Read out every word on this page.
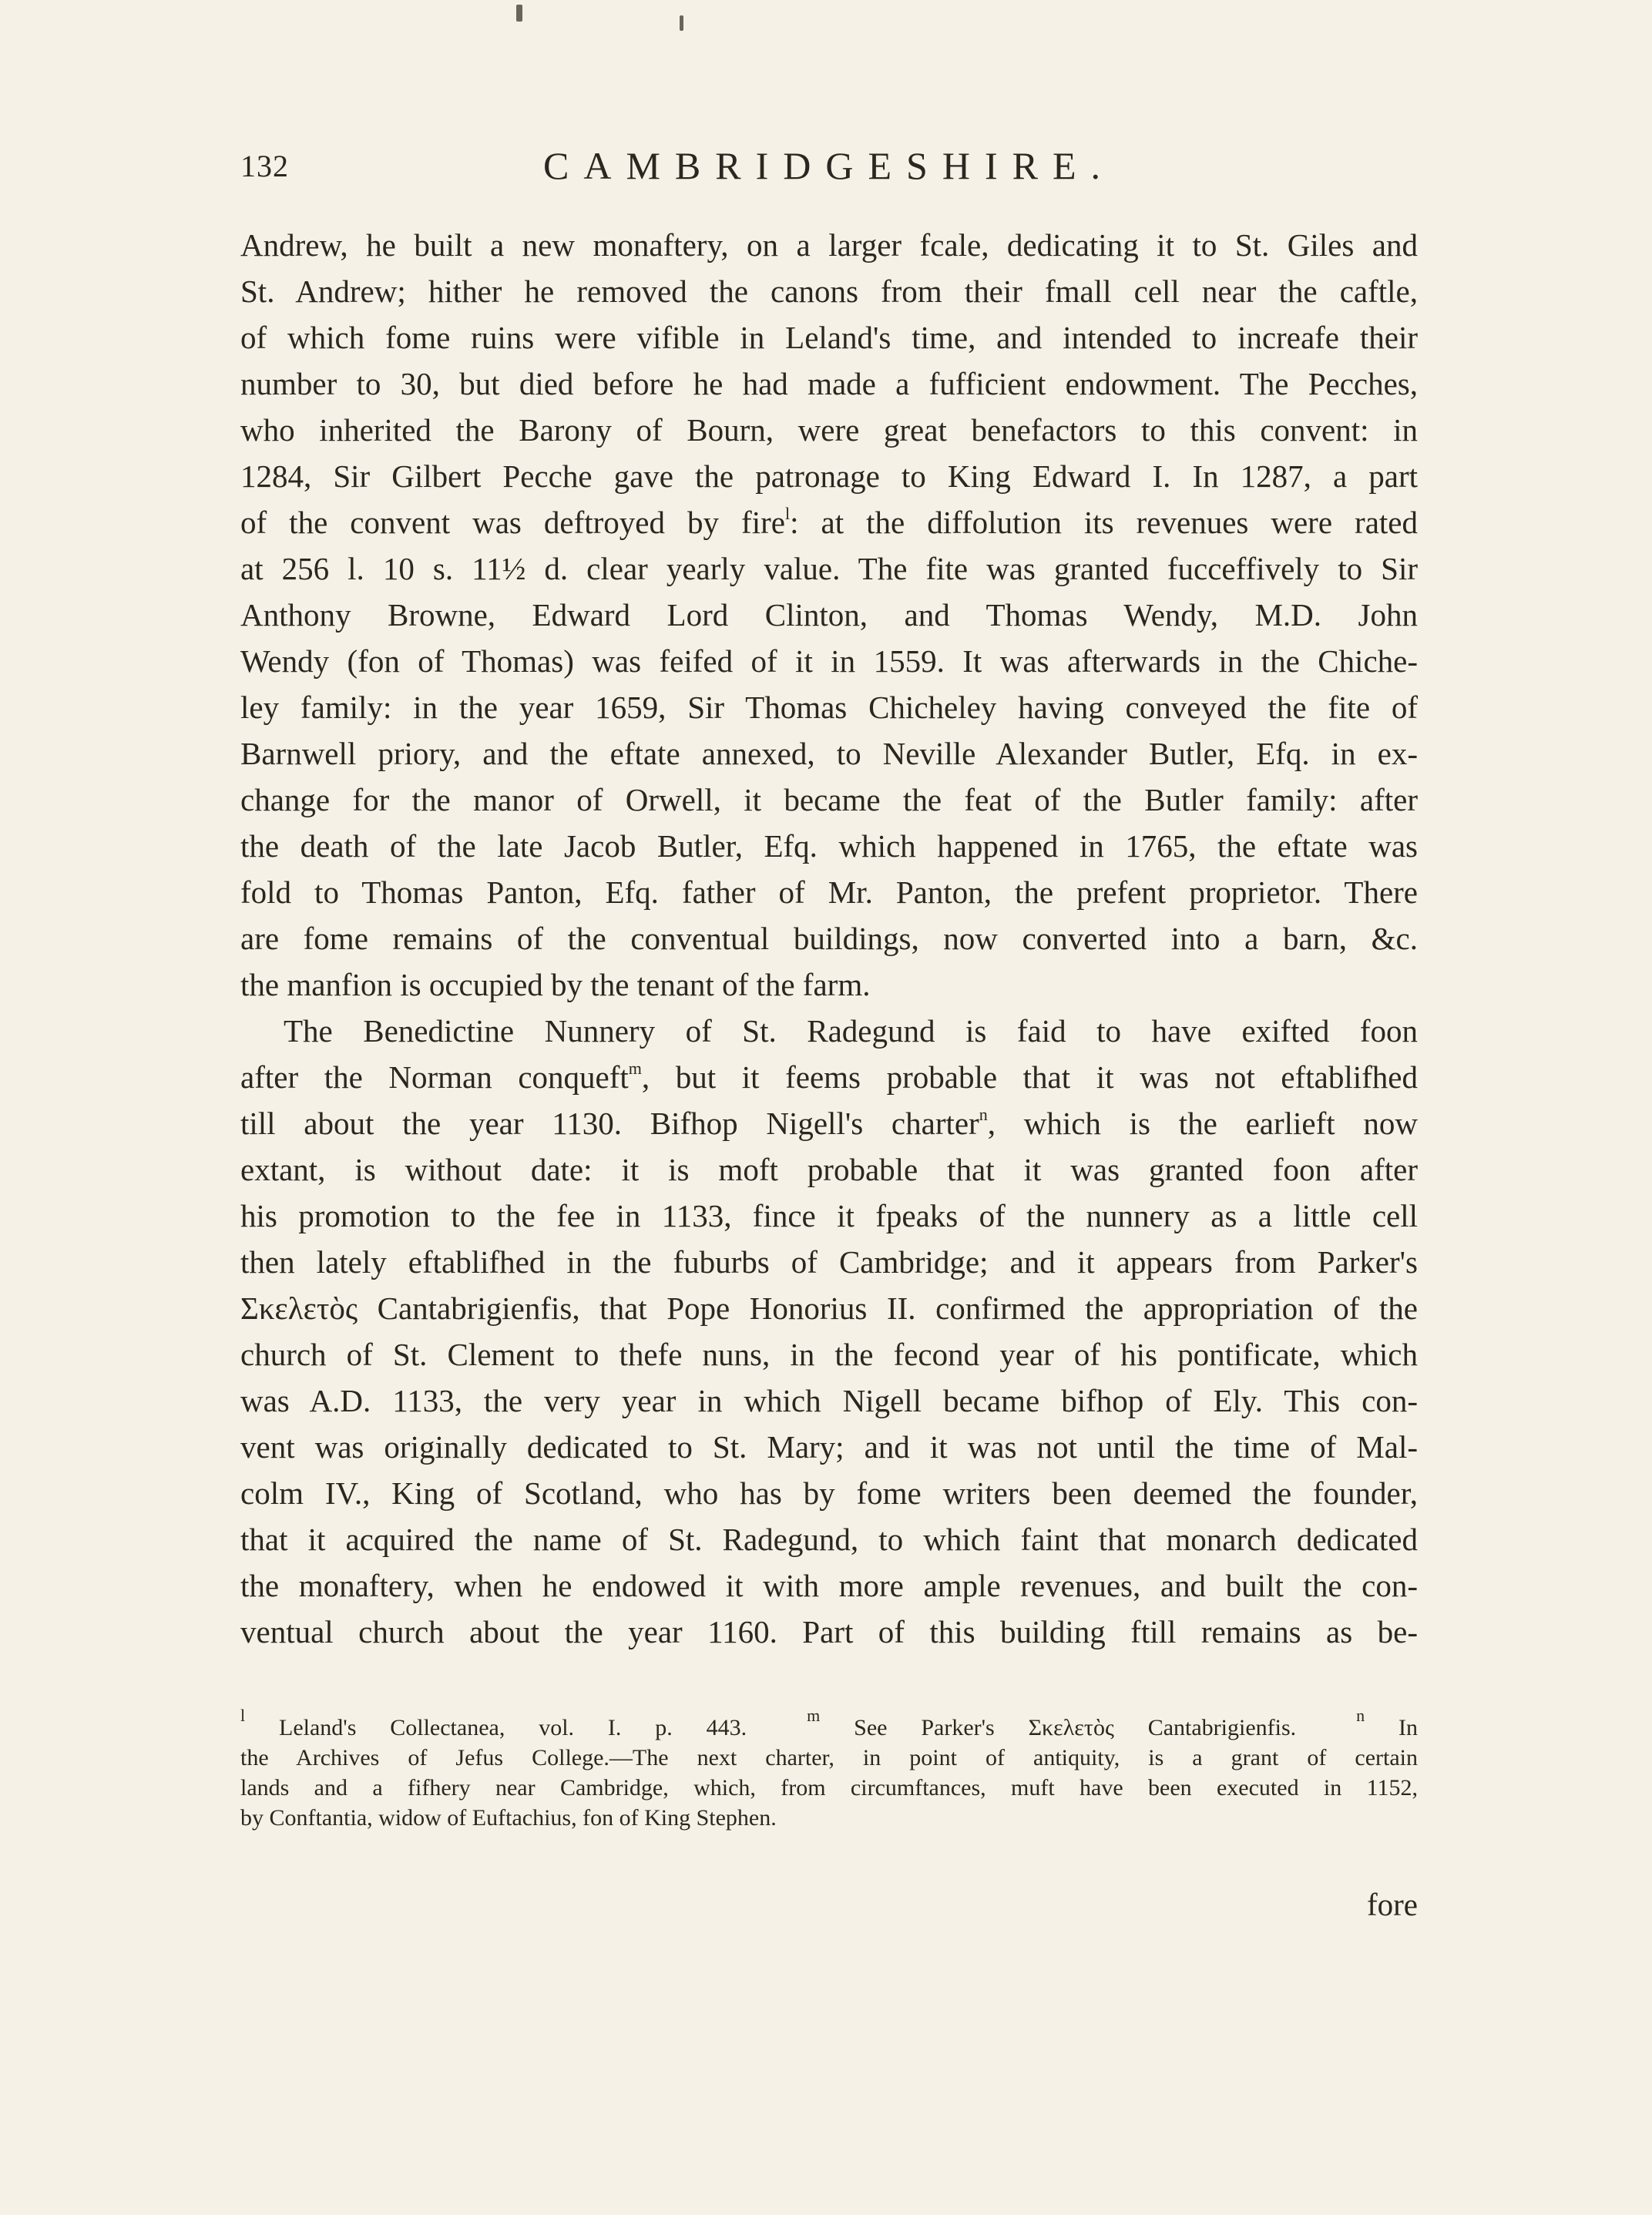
132	CAMBRIDGESHIRE.

Andrew, he built a new monaftery, on a larger fcale, dedicating it to St. Giles and

St. Andrew; hither he removed the canons from their fmall cell near the caftle,

of which fome ruins were vifible in Leland's time, and intended to increafe their

number to 30, but died before he had made a fufficient endowment. The Pecches,

who inherited the Barony of Bourn, were great benefactors to this convent: in

1284, Sir Gilbert Pecche gave the patronage to King Edward I. In 1287, a part

of the convent was deftroyed by fire$^l$: at the diffolution its revenues were rated

at 256 l. 10 s. 11½ d. clear yearly value. The fite was granted fucceffively to Sir

Anthony Browne, Edward Lord Clinton, and Thomas Wendy, M.D. John

Wendy (fon of Thomas) was feifed of it in 1559. It was afterwards in the Chiche-

ley family: in the year 1659, Sir Thomas Chicheley having conveyed the fite of

Barnwell priory, and the eftate annexed, to Neville Alexander Butler, Efq. in ex-

change for the manor of Orwell, it became the feat of the Butler family: after

the death of the late Jacob Butler, Efq. which happened in 1765, the eftate was

fold to Thomas Panton, Efq. father of Mr. Panton, the prefent proprietor. There

are fome remains of the conventual buildings, now converted into a barn, &c.

the manfion is occupied by the tenant of the farm.

The Benedictine Nunnery of St. Radegund is faid to have exifted foon

after the Norman conqueft$^m$, but it feems probable that it was not eftablifhed

till about the year 1130. Bifhop Nigell's charter$^n$, which is the earlieft now

extant, is without date: it is moft probable that it was granted foon after

his promotion to the fee in 1133, fince it fpeaks of the nunnery as a little cell

then lately eftablifhed in the fuburbs of Cambridge; and it appears from Parker's

Σκελετὸς Cantabrigienfis, that Pope Honorius II. confirmed the appropriation of the

church of St. Clement to thefe nuns, in the fecond year of his pontificate, which

was A.D. 1133, the very year in which Nigell became bifhop of Ely. This con-

vent was originally dedicated to St. Mary; and it was not until the time of Mal-

colm IV., King of Scotland, who has by fome writers been deemed the founder,

that it acquired the name of St. Radegund, to which faint that monarch dedicated

the monaftery, when he endowed it with more ample revenues, and built the con-

ventual church about the year 1160. Part of this building ftill remains as be-

$^l$ Leland's Collectanea, vol. I. p. 443.	$^m$ See Parker's Σκελετὸς Cantabrigienfis.	$^n$ In

the Archives of Jefus College.—The next charter, in point of antiquity, is a grant of certain

lands and a fifhery near Cambridge, which, from circumftances, muft have been executed in 1152,

by Conftantia, widow of Euftachius, fon of King Stephen.

fore
